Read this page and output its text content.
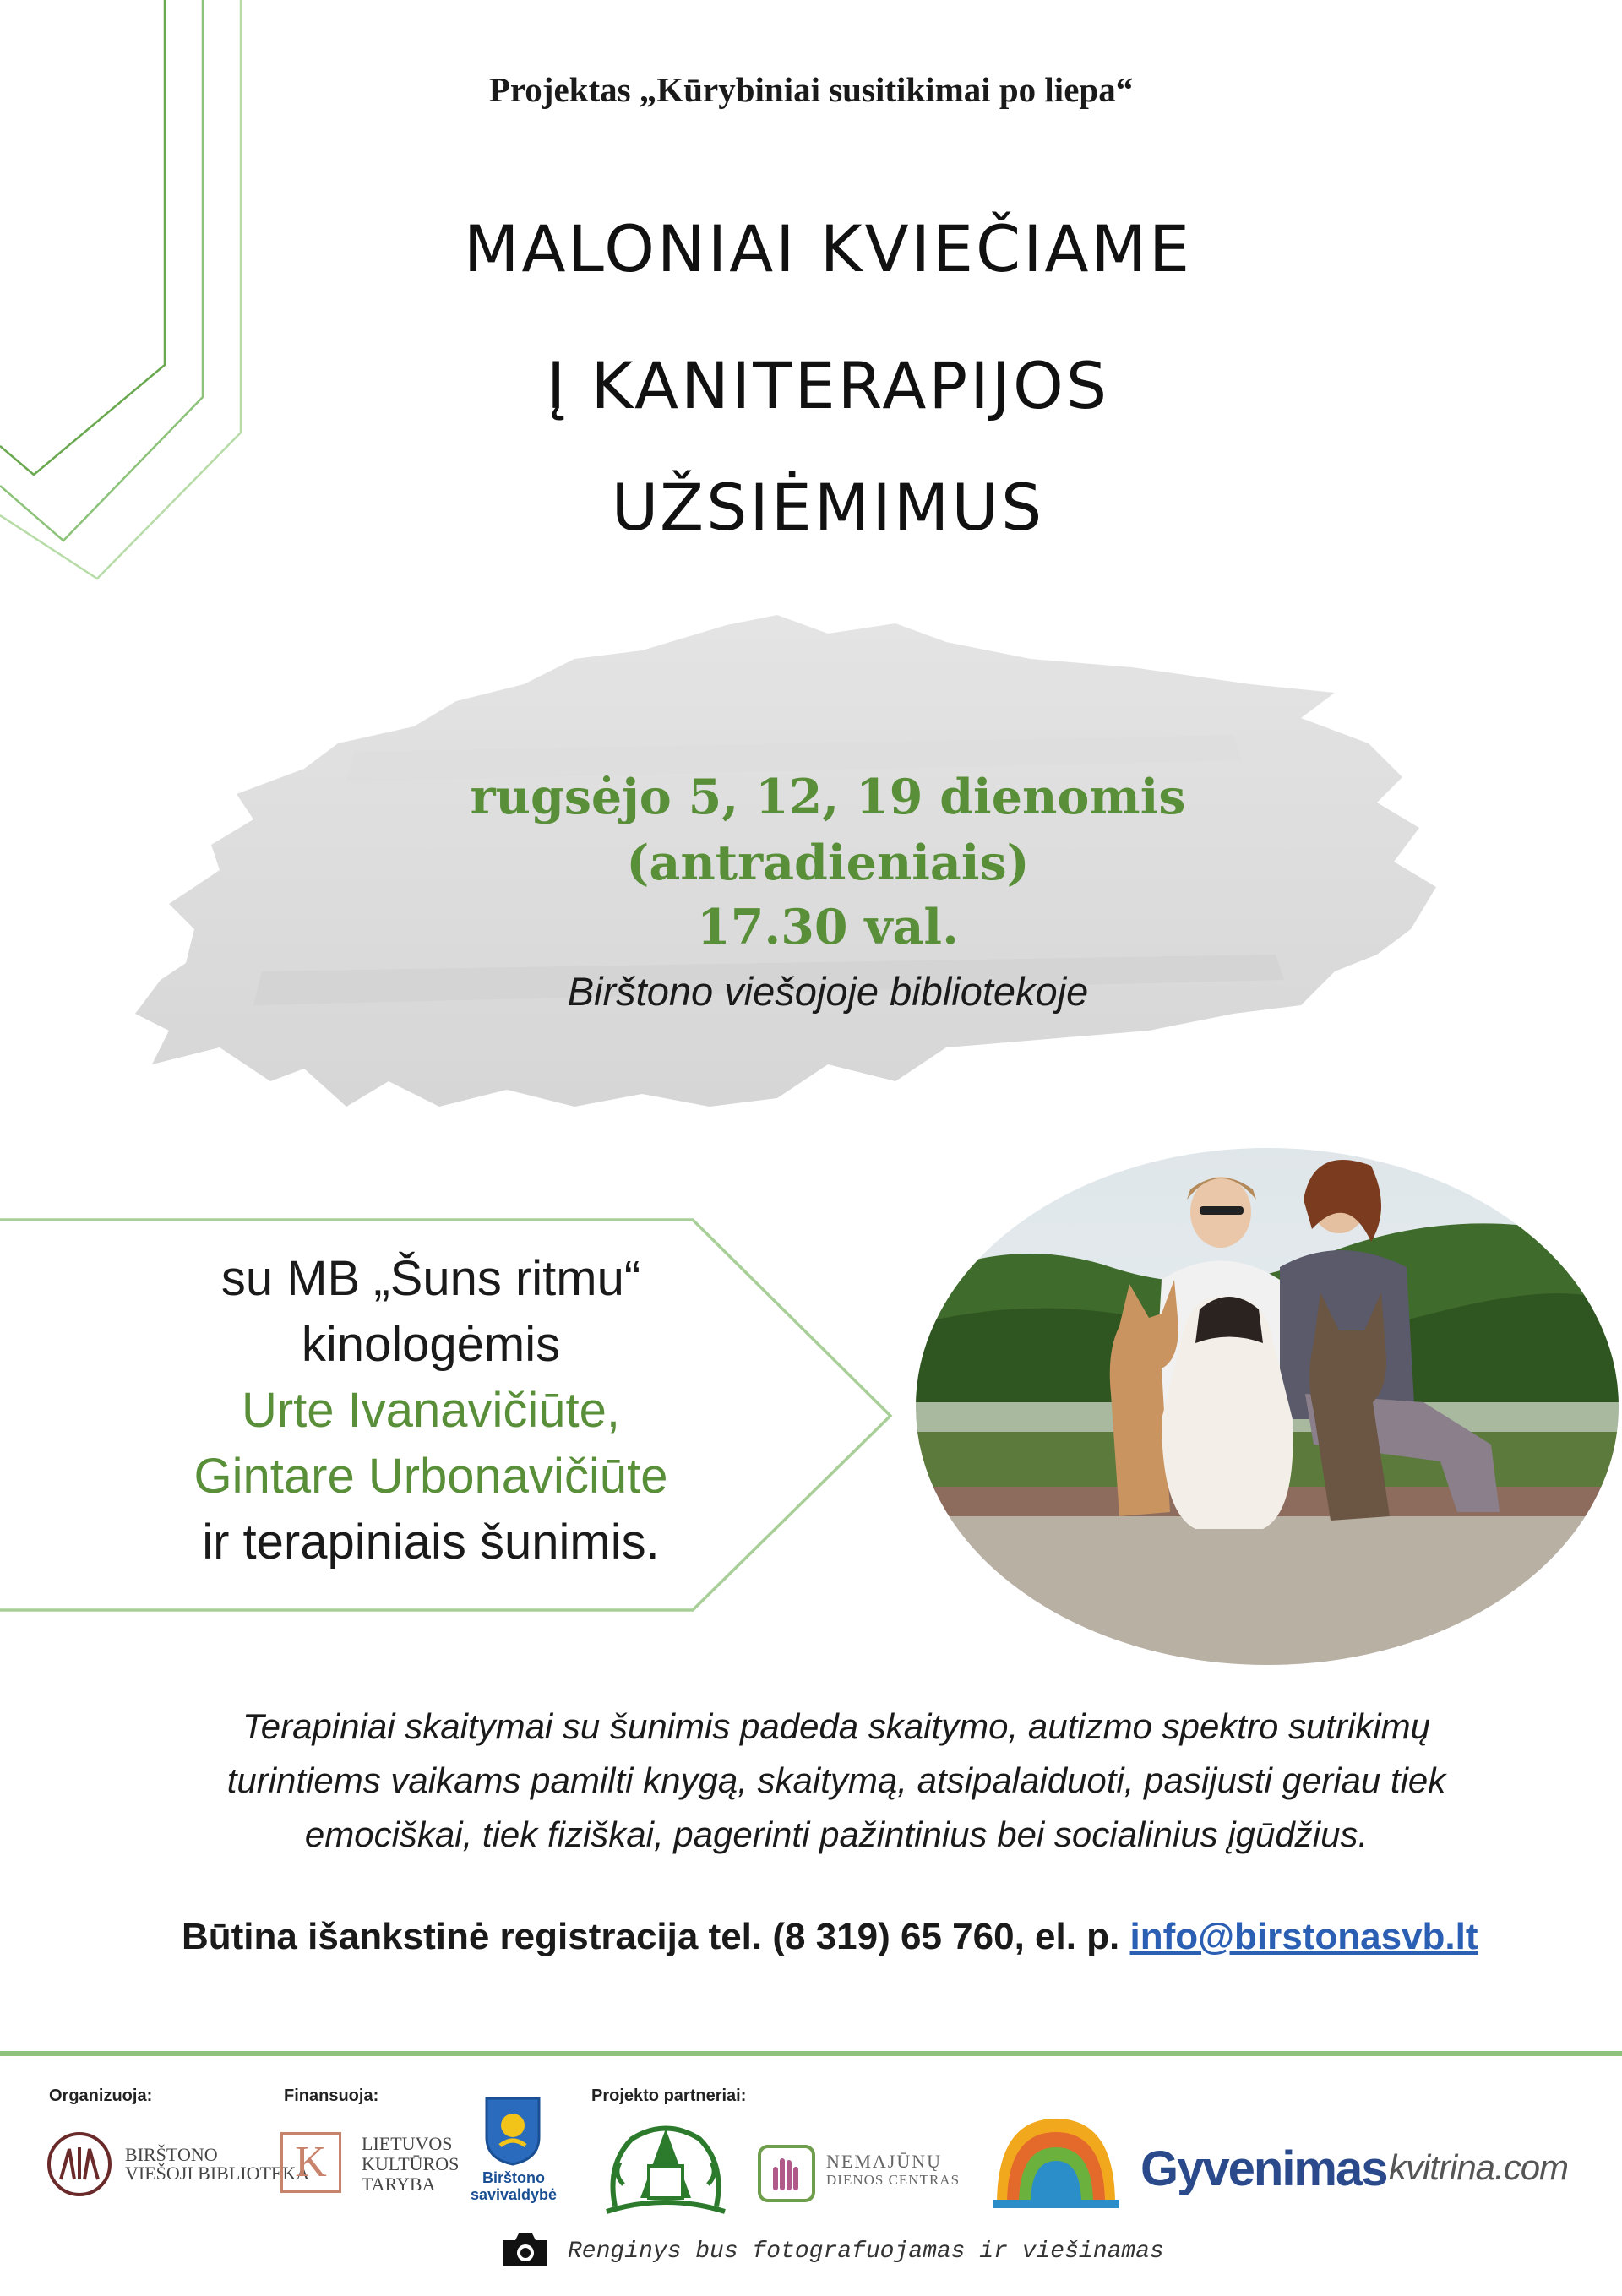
Projektas „Kūrybiniai susitikimai po liepa“
MALONIAI KVIEČIAME
Į KANITERAPIJOS
UŽSIĖMIMUS
rugsėjo 5, 12, 19 dienomis
(antradieniais)
17.30 val.
Birštono viešojoje bibliotekoje
su MB „Šuns ritmu“
kinologėmis
Urte Ivanavičiūte,
Gintare Urbonavičiūte
ir terapiniais šunimis.
Terapiniai skaitymai su šunimis padeda skaitymo, autizmo spektro sutrikimų
turintiems vaikams pamilti knygą, skaitymą, atsipalaiduoti, pasijusti geriau tiek
emociškai, tiek fiziškai, pagerinti pažintinius bei socialinius įgūdžius.
Būtina išankstinė registracija tel. (8 319) 65 760, el. p. info@birstonasvb.lt
Organizuoja:	Finansuoja:	Projekto partneriai:
BIRŠTONO
VIEŠOJI BIBLIOTEKA
K	LIETUVOS
KULTŪROS
TARYBA	Birštono
savivaldybė
NEMAJŪNŲ
DIENOS CENTRAS	Gyvenimas kvitrina.com
Renginys bus fotografuojamas ir viešinamas
